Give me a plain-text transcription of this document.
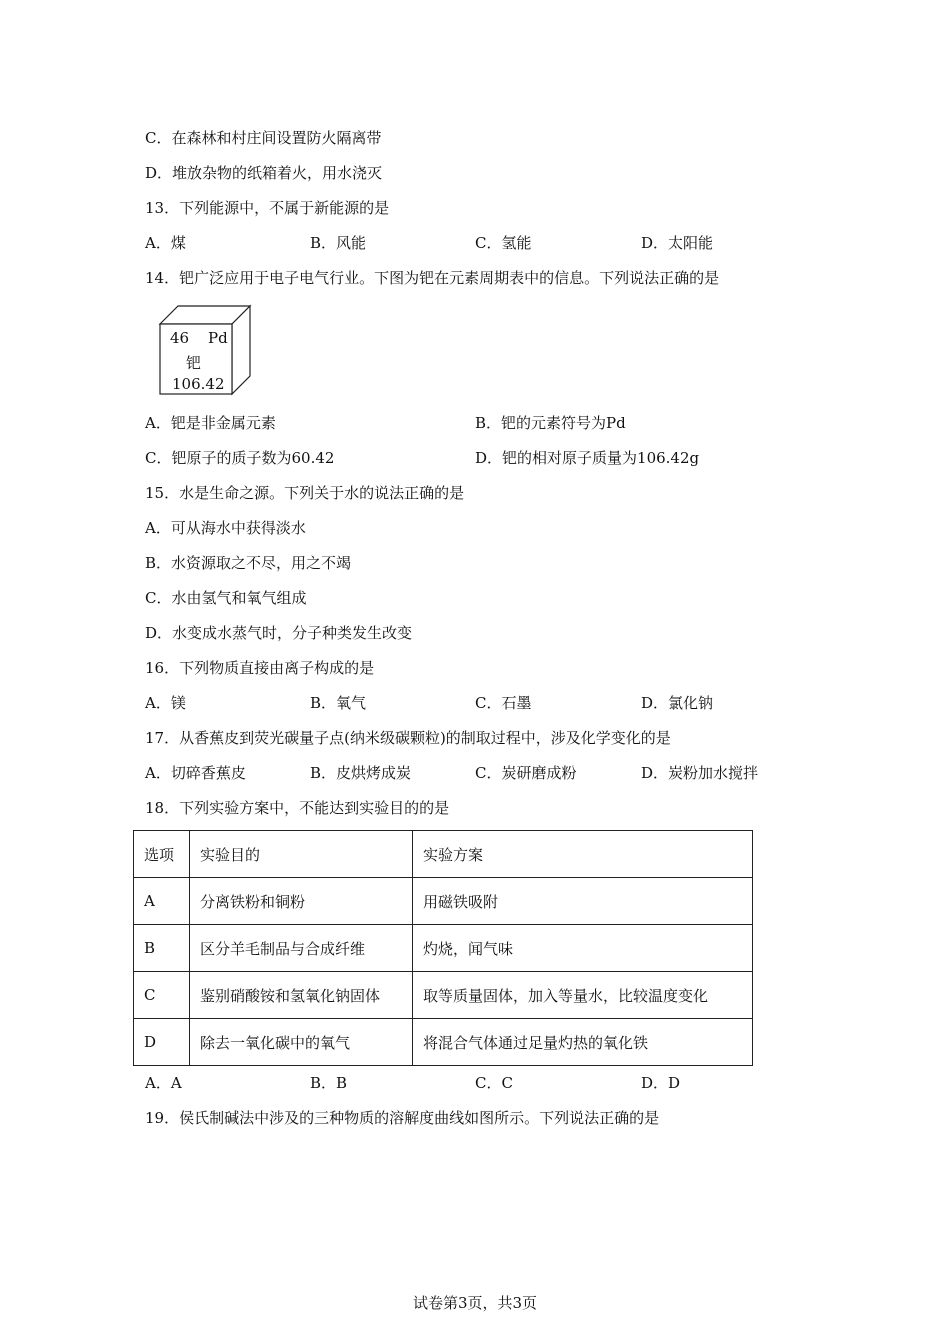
C．在森林和村庄间设置防火隔离带
D．堆放杂物的纸箱着火，用水浇灭
13．下列能源中，不属于新能源的是
A．煤	B．风能	C．氢能	D．太阳能
14．钯广泛应用于电子电气行业。下图为钯在元素周期表中的信息。下列说法正确的是
46 Pd
钯
106.42
A．钯是非金属元素	B．钯的元素符号为Pd
C．钯原子的质子数为60.42	D．钯的相对原子质量为106.42g
15．水是生命之源。下列关于水的说法正确的是
A．可从海水中获得淡水
B．水资源取之不尽，用之不竭
C．水由氢气和氧气组成
D．水变成水蒸气时，分子种类发生改变
16．下列物质直接由离子构成的是
A．镁	B．氧气	C．石墨	D．氯化钠
17．从香蕉皮到荧光碳量子点(纳米级碳颗粒)的制取过程中，涉及化学变化的是
A．切碎香蕉皮	B．皮烘烤成炭	C．炭研磨成粉	D．炭粉加水搅拌
18．下列实验方案中，不能达到实验目的的是
选项	实验目的	实验方案
A	分离铁粉和铜粉	用磁铁吸附
B	区分羊毛制品与合成纤维	灼烧，闻气味
C	鉴别硝酸铵和氢氧化钠固体	取等质量固体，加入等量水，比较温度变化
D	除去一氧化碳中的氧气	将混合气体通过足量灼热的氧化铁
A．A	B．B	C．C	D．D
19．侯氏制碱法中涉及的三种物质的溶解度曲线如图所示。下列说法正确的是
试卷第3页，共3页
